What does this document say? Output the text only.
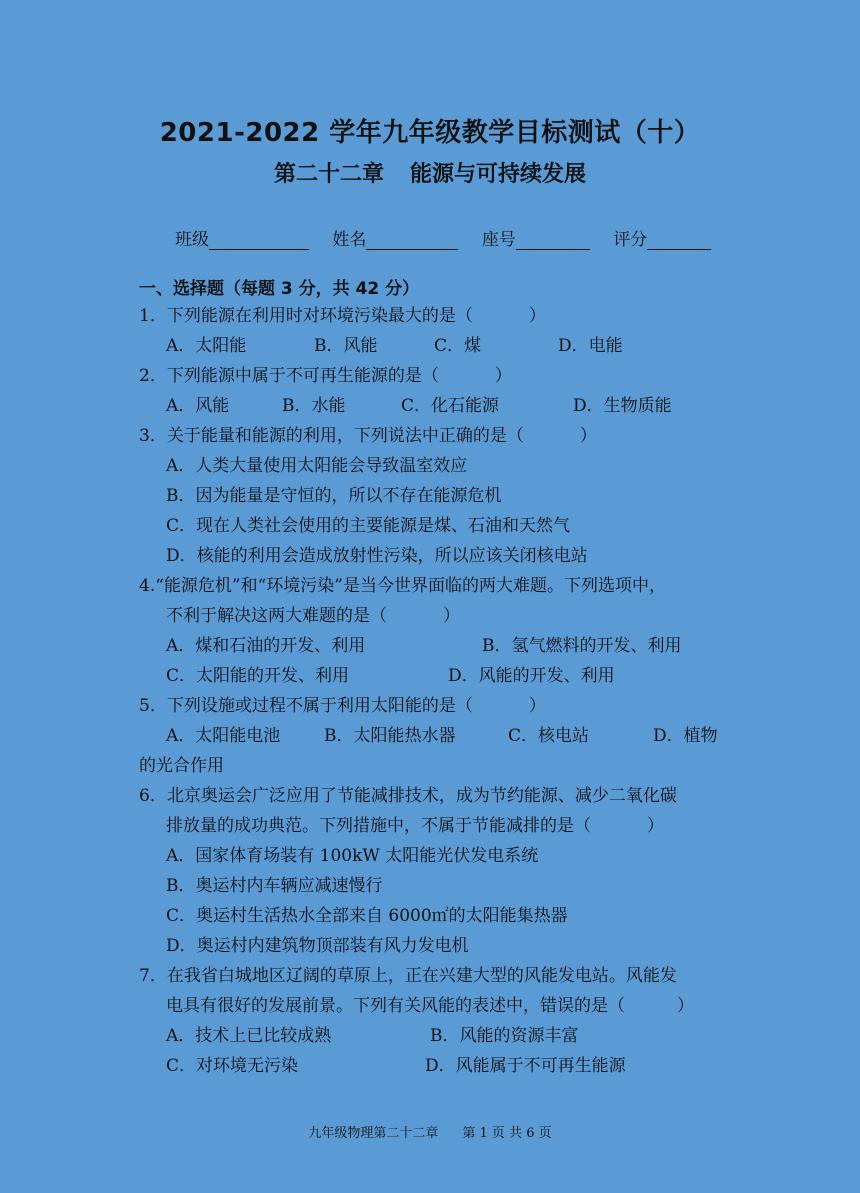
2021-2022 学年九年级教学目标测试（十）
第二十二章 能源与可持续发展
班级	姓名	座号	评分
一、选择题（每题 3 分，共 42 分）
1．下列能源在利用时对环境污染最大的是（	）
A．太阳能	B．风能	C．煤	D．电能
2．下列能源中属于不可再生能源的是（	）
A．风能	B．水能	C．化石能源	D．生物质能
3．关于能量和能源的利用，下列说法中正确的是（	）
A．人类大量使用太阳能会导致温室效应
B．因为能量是守恒的，所以不存在能源危机
C．现在人类社会使用的主要能源是煤、石油和天然气
D．核能的利用会造成放射性污染，所以应该关闭核电站
4.“能源危机”和“环境污染”是当今世界面临的两大难题。下列选项中，
不利于解决这两大难题的是（	）
A．煤和石油的开发、利用	B．氢气燃料的开发、利用
C．太阳能的开发、利用	D．风能的开发、利用
5．下列设施或过程不属于利用太阳能的是（	）
A．太阳能电池	B．太阳能热水器	C．核电站	D．植物
的光合作用
6．北京奥运会广泛应用了节能减排技术，成为节约能源、减少二氧化碳
排放量的成功典范。下列措施中，不属于节能减排的是（	）
A．国家体育场装有 100kW 太阳能光伏发电系统
B．奥运村内车辆应减速慢行
C．奥运村生活热水全部来自 6000㎡的太阳能集热器
D．奥运村内建筑物顶部装有风力发电机
7．在我省白城地区辽阔的草原上，正在兴建大型的风能发电站。风能发
电具有很好的发展前景。下列有关风能的表述中，错误的是（	）
A．技术上已比较成熟	B．风能的资源丰富
C．对环境无污染	D．风能属于不可再生能源
九年级物理第二十二章 第 1 页 共 6 页
